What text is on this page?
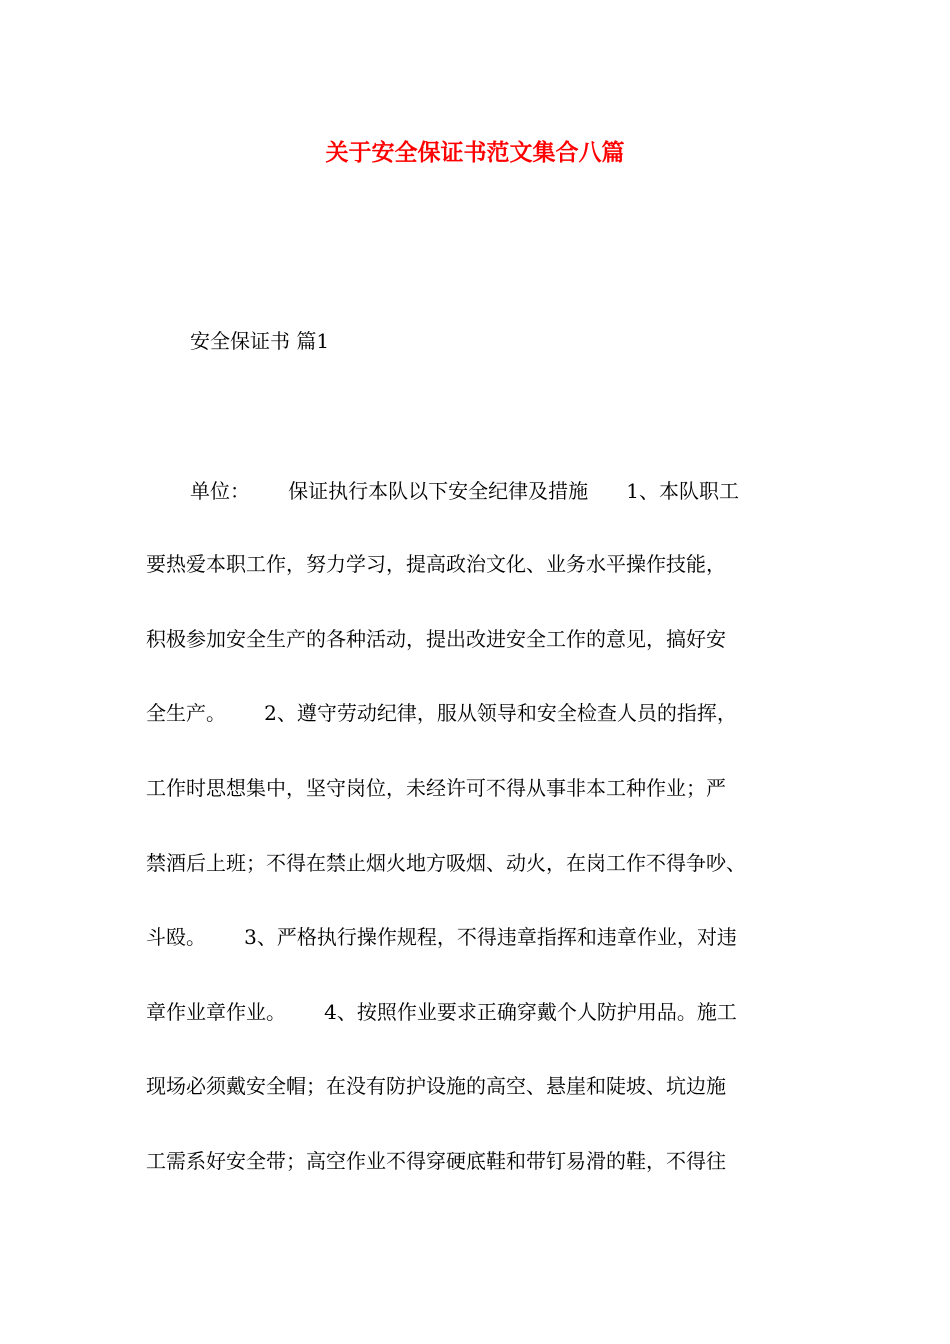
关于安全保证书范文集合八篇
安全保证书 篇1
单位：      保证执行本队以下安全纪律及措施      1、本队职工
要热爱本职工作，努力学习，提高政治文化、业务水平操作技能，
积极参加安全生产的各种活动，提出改进安全工作的意见，搞好安
全生产。      2、遵守劳动纪律，服从领导和安全检查人员的指挥，
工作时思想集中，坚守岗位，未经许可不得从事非本工种作业；严
禁酒后上班；不得在禁止烟火地方吸烟、动火，在岗工作不得争吵、
斗殴。      3、严格执行操作规程，不得违章指挥和违章作业，对违
章作业章作业。      4、按照作业要求正确穿戴个人防护用品。施工
现场必须戴安全帽；在没有防护设施的高空、悬崖和陡坡、坑边施
工需系好安全带；高空作业不得穿硬底鞋和带钉易滑的鞋，不得往
